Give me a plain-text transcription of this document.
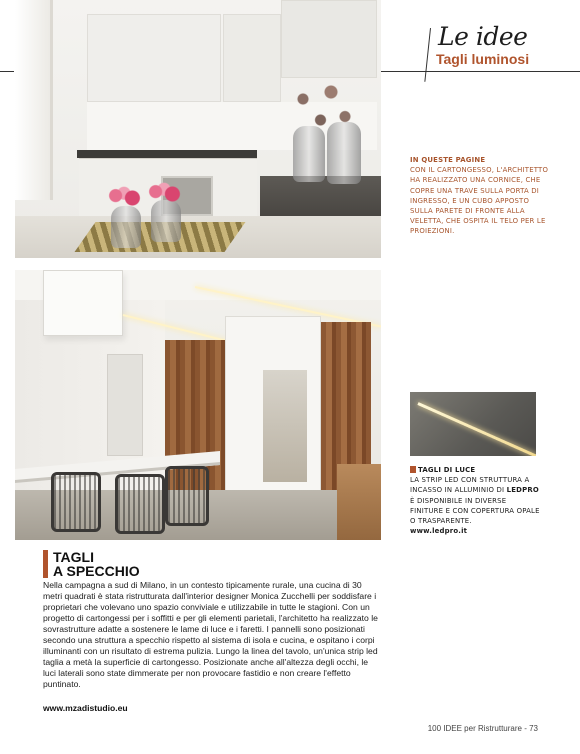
Le idee
Tagli luminosi
IN QUESTE PAGINE
CON IL CARTONGESSO, L'ARCHITETTO HA REALIZZATO UNA CORNICE, CHE COPRE UNA TRAVE SULLA PORTA DI INGRESSO, E UN CUBO APPOSTO SULLA PARETE DI FRONTE ALLA VELETTA, CHE OSPITA IL TELO PER LE PROIEZIONI.
TAGLI DI LUCE
LA STRIP LED CON STRUTTURA A INCASSO IN ALLUMINIO DI LEDPRO È DISPONIBILE IN DIVERSE FINITURE E CON COPERTURA OPALE O TRASPARENTE.
www.ledpro.it
TAGLI
A SPECCHIO

Nella campagna a sud di Milano, in un contesto tipicamente rurale, una cucina di 30 metri quadrati è stata ristrutturata dall'interior designer Monica Zucchelli per soddisfare i proprietari che volevano uno spazio conviviale e utilizzabile in tutte le stagioni. Con un progetto di cartongessi per i soffitti e per gli elementi parietali, l'architetto ha realizzato le sovrastrutture adatte a sostenere le lame di luce e i faretti. I pannelli sono posizionati secondo una struttura a specchio rispetto al sistema di isola e cucina, e ospitano i corpi illuminanti con un risultato di estrema pulizia. Lungo la linea del tavolo, un'unica strip led taglia a metà la superficie di cartongesso. Posizionate anche all'altezza degli occhi, le luci laterali sono state dimmerate per non provocare fastidio e non creare l'effetto puntinato.

www.mzadistudio.eu
100 IDEE per Ristrutturare - 73
